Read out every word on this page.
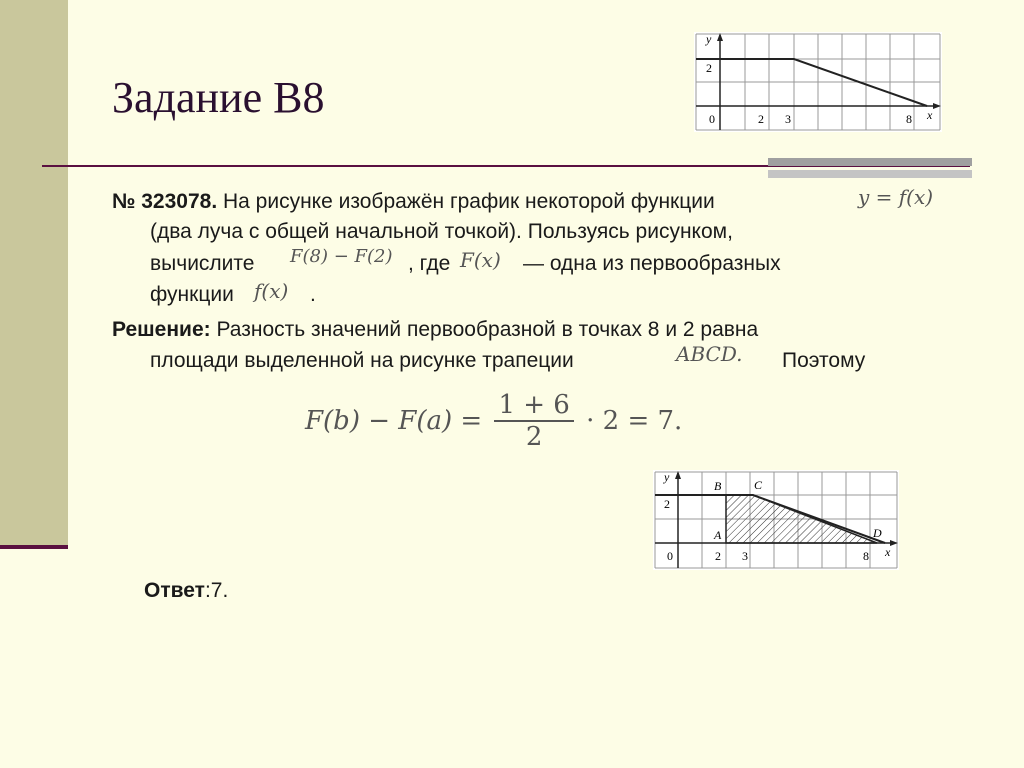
Задание B8
y
x
0	2 3	8
2
№ 323078. На рисунке изображён график некоторой функции	y = f(x)
(два луча с общей начальной точкой). Пользуясь рисунком,
вычислите F(8) − F(2) , где F(x) — одна из первообразных
функции f(x) .
Решение: Разность значений первообразной в точках 8 и 2 равна
площади выделенной на рисунке трапеции	ABCD. Поэтому
$F(b) - F(a) = \frac{1 + 6}{2} \cdot 2 = 7$.
y
x
0	2 3	8
2
A
B	C
D
Ответ:7.
